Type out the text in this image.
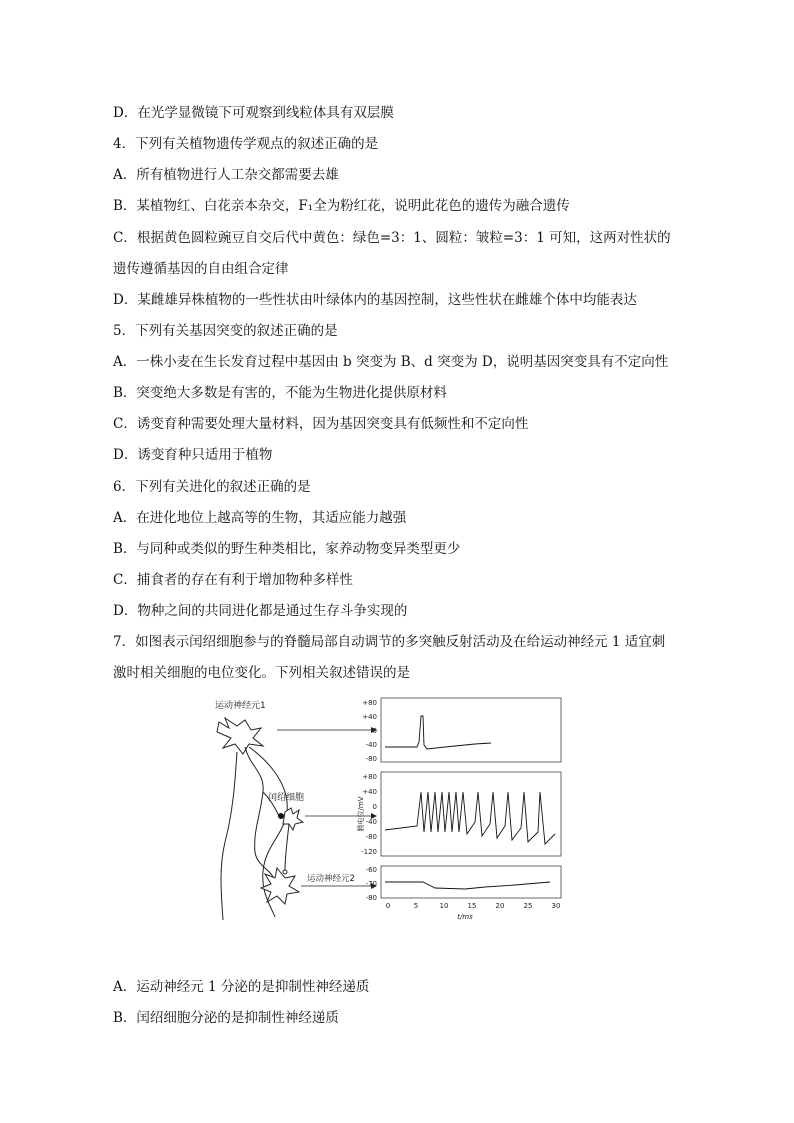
D．在光学显微镜下可观察到线粒体具有双层膜
4．下列有关植物遗传学观点的叙述正确的是
A．所有植物进行人工杂交都需要去雄
B．某植物红、白花亲本杂交，F₁全为粉红花，说明此花色的遗传为融合遗传
C．根据黄色圆粒豌豆自交后代中黄色：绿色=3：1、圆粒：皱粒=3：1 可知，这两对性状的
遗传遵循基因的自由组合定律
D．某雌雄异株植物的一些性状由叶绿体内的基因控制，这些性状在雌雄个体中均能表达
5．下列有关基因突变的叙述正确的是
A．一株小麦在生长发育过程中基因由 b 突变为 B、d 突变为 D，说明基因突变具有不定向性
B．突变绝大多数是有害的，不能为生物进化提供原材料
C．诱变育种需要处理大量材料，因为基因突变具有低频性和不定向性
D．诱变育种只适用于植物
6．下列有关进化的叙述正确的是
A．在进化地位上越高等的生物，其适应能力越强
B．与同种或类似的野生种类相比，家养动物变异类型更少
C．捕食者的存在有利于增加物种多样性
D．物种之间的共同进化都是通过生存斗争实现的
7．如图表示闰绍细胞参与的脊髓局部自动调节的多突触反射活动及在给运动神经元 1 适宜刺
激时相关细胞的电位变化。下列相关叙述错误的是
运动神经元1
闰绍细胞
运动神经元2
+80
+40
0
-40
-80
+80
+40
0
-40
-80
-120
膜电位/mV
-60
-70
-80
0	5	10	15	20	25	30
t/ms
A．运动神经元 1 分泌的是抑制性神经递质
B．闰绍细胞分泌的是抑制性神经递质
